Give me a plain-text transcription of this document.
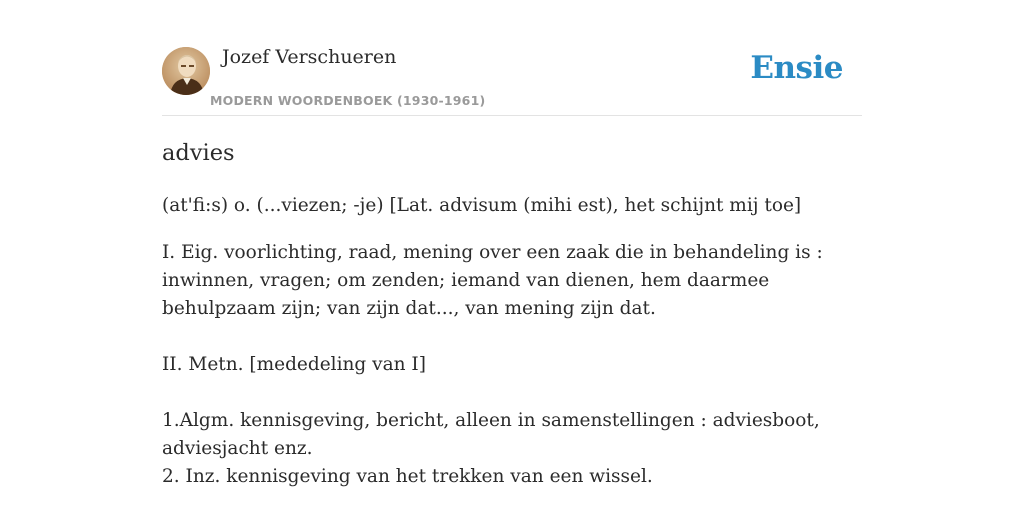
Jozef Verschueren
MODERN WOORDENBOEK (1930-1961)
Ensie
advies
(at'fi:s) o. (...viezen; -je) [Lat. advisum (mihi est), het schijnt mij toe]

I. Eig. voorlichting, raad, mening over een zaak die in behandeling is : inwinnen, vragen; om zenden; iemand van dienen, hem daarmee behulpzaam zijn; van zijn dat..., van mening zijn dat.

II. Metn. [mededeling van I]

1.Algm. kennisgeving, bericht, alleen in samenstellingen : adviesboot, adviesjacht enz.
2. Inz. kennisgeving van het trekken van een wissel.
